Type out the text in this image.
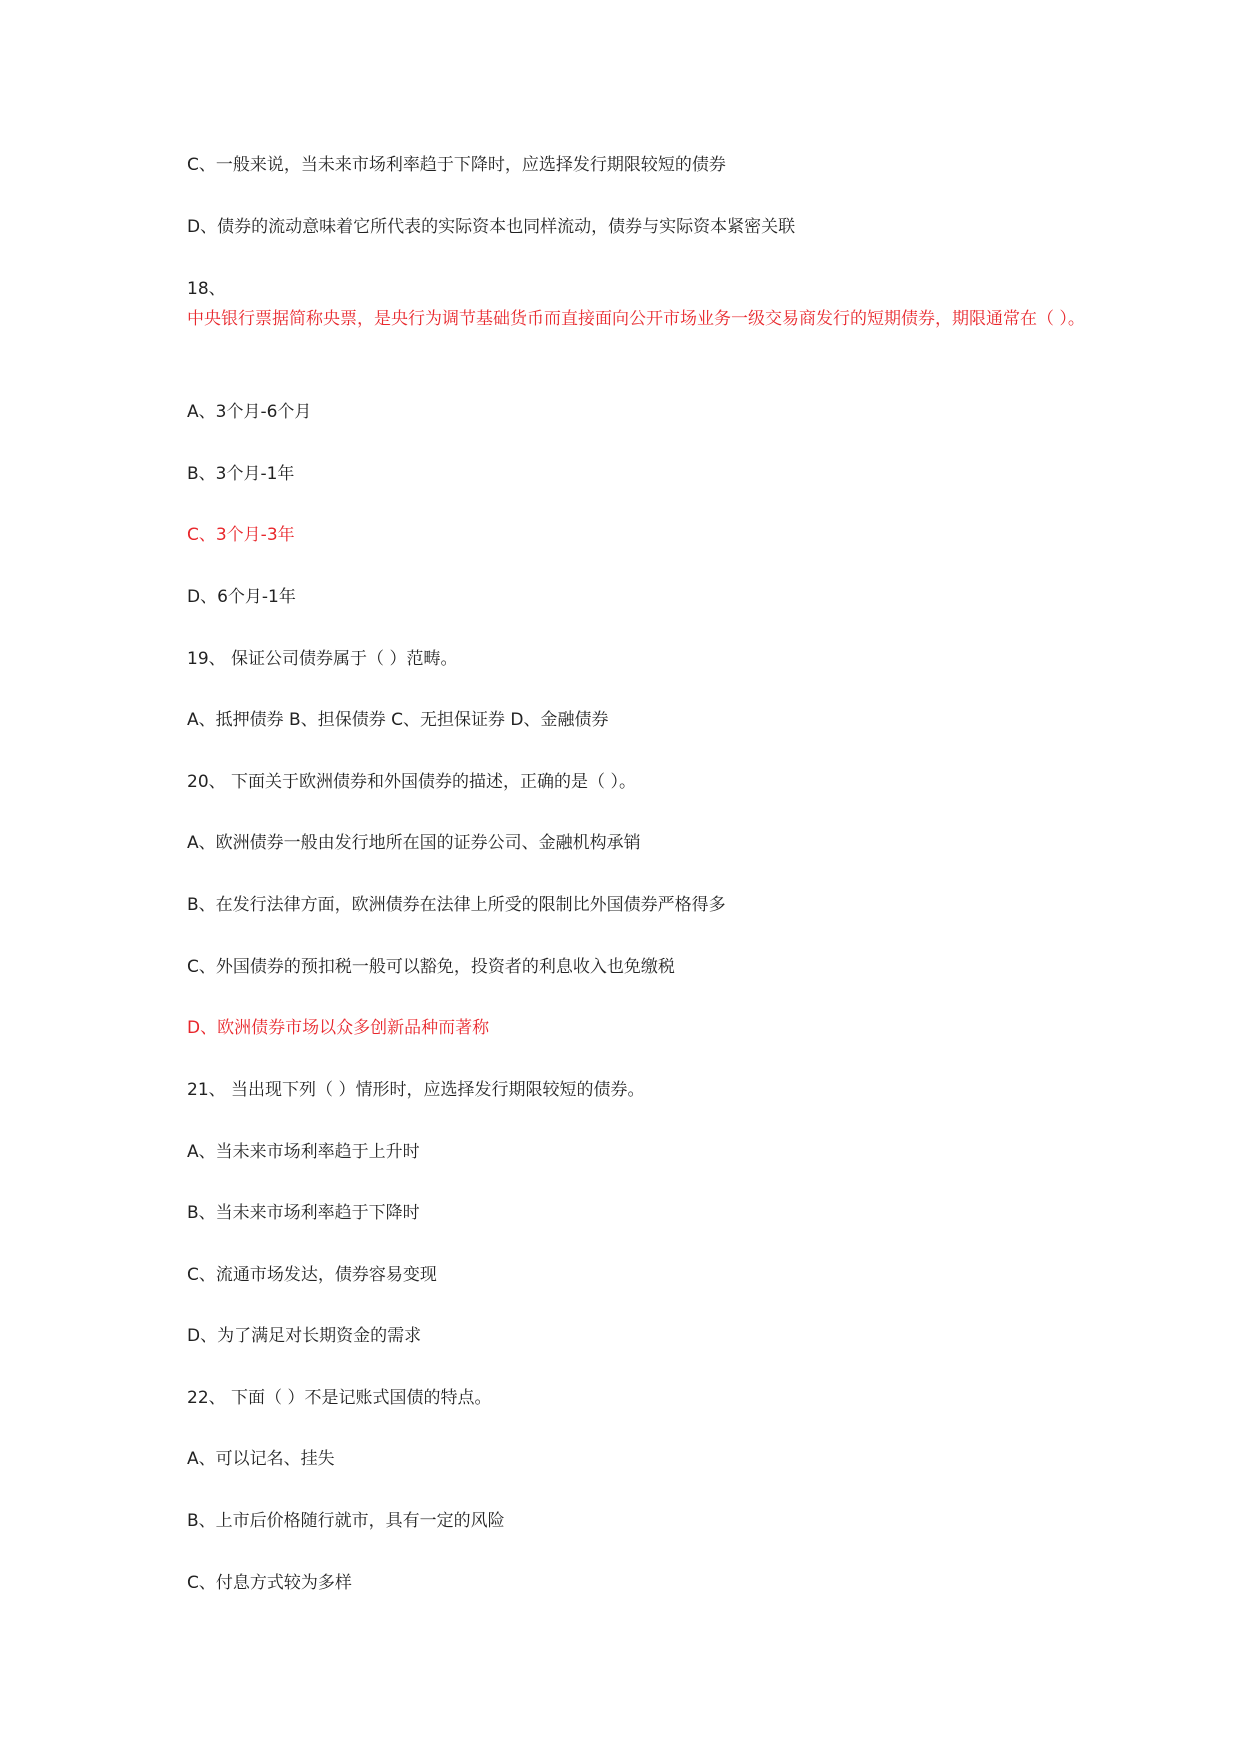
C、一般来说，当未来市场利率趋于下降时，应选择发行期限较短的债券
D、债券的流动意味着它所代表的实际资本也同样流动，债券与实际资本紧密关联
18、
中央银行票据简称央票，是央行为调节基础货币而直接面向公开市场业务一级交易商发行的短期债券，期限通常在（ ）。
A、3个月-6个月
B、3个月-1年
C、3个月-3年
D、6个月-1年
19、 保证公司债券属于（ ）范畴。
A、抵押债券 B、担保债券 C、无担保证券 D、金融债券
20、 下面关于欧洲债券和外国债券的描述，正确的是（ ）。
A、欧洲债券一般由发行地所在国的证券公司、金融机构承销
B、在发行法律方面，欧洲债券在法律上所受的限制比外国债券严格得多
C、外国债券的预扣税一般可以豁免，投资者的利息收入也免缴税
D、欧洲债券市场以众多创新品种而著称
21、 当出现下列（ ）情形时，应选择发行期限较短的债券。
A、当未来市场利率趋于上升时
B、当未来市场利率趋于下降时
C、流通市场发达，债券容易变现
D、为了满足对长期资金的需求
22、 下面（ ）不是记账式国债的特点。
A、可以记名、挂失
B、上市后价格随行就市，具有一定的风险
C、付息方式较为多样
